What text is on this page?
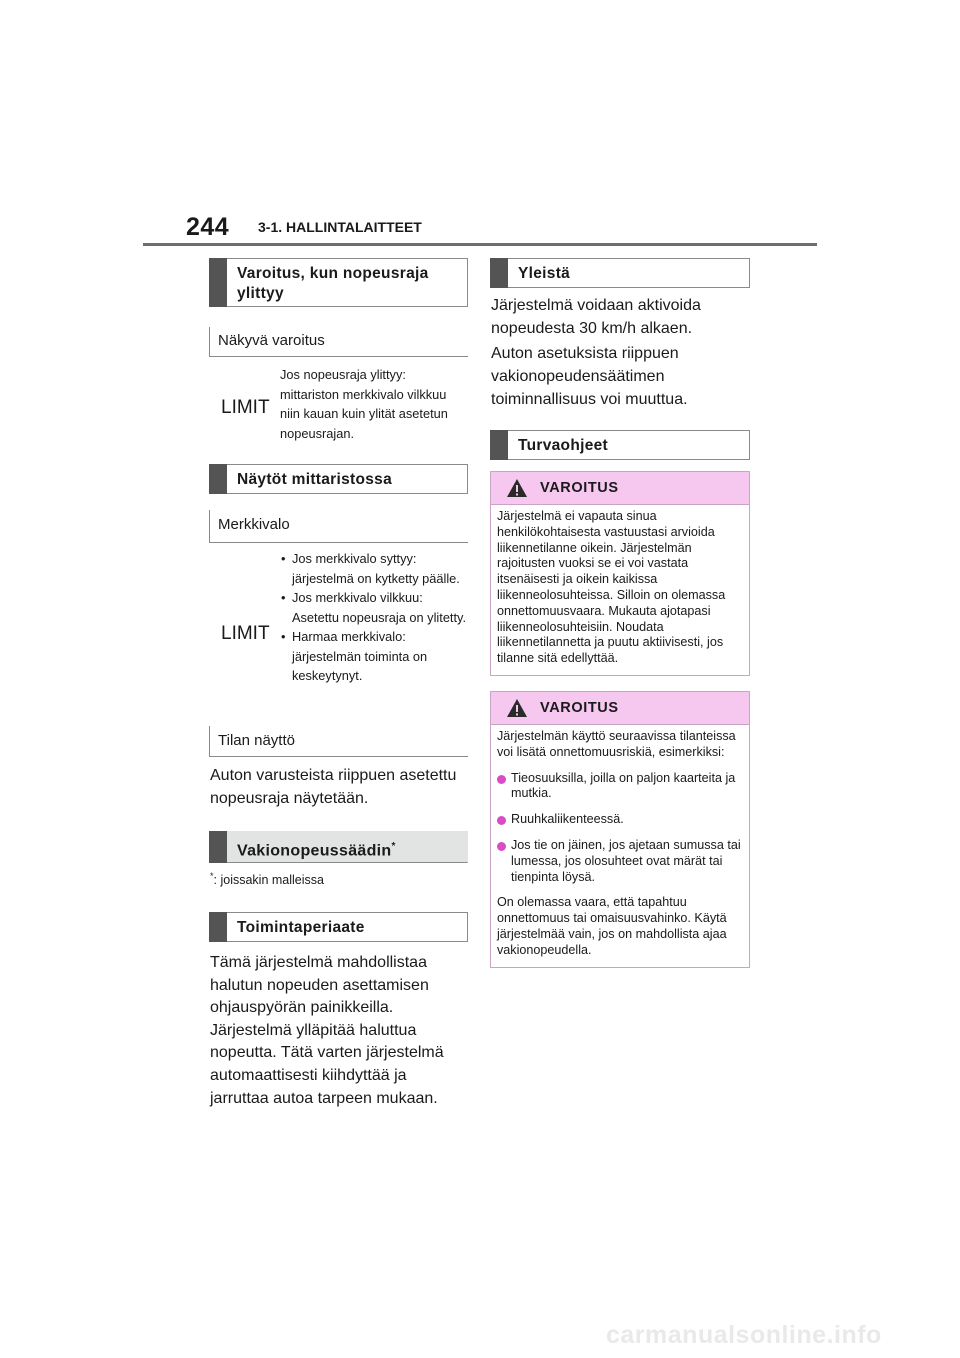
244 3-1. HALLINTALAITTEET
Varoitus, kun nopeusraja ylittyy
Näkyvä varoitus
LIMIT
Jos nopeusraja ylittyy: mittariston merkkivalo vilkkuu niin kauan kuin ylität asetetun nopeusrajan.
Näytöt mittaristossa
Merkkivalo
LIMIT
• Jos merkkivalo syttyy: järjestelmä on kytketty päälle.
• Jos merkkivalo vilkkuu: Asetettu nopeusraja on ylitetty.
• Harmaa merkkivalo: järjestelmän toiminta on keskeytynyt.
Tilan näyttö
Auton varusteista riippuen asetettu nopeusraja näytetään.
Vakionopeussäädin*
*: joissakin malleissa
Toimintaperiaate
Tämä järjestelmä mahdollistaa halutun nopeuden asettamisen ohjauspyörän painikkeilla. Järjestelmä ylläpitää haluttua nopeutta. Tätä varten järjestelmä automaattisesti kiihdyttää ja jarruttaa autoa tarpeen mukaan.
Yleistä
Järjestelmä voidaan aktivoida nopeudesta 30 km/h alkaen.
Auton asetuksista riippuen vakionopeudensäätimen toiminnallisuus voi muuttua.
Turvaohjeet
VAROITUS

Järjestelmä ei vapauta sinua henkilökohtaisesta vastuustasi arvioida liikennetilanne oikein. Järjestelmän rajoitusten vuoksi se ei voi vastata itsenäisesti ja oikein kaikissa liikenneolosuhteissa. Silloin on olemassa onnettomuusvaara. Mukauta ajotapasi liikenneolosuhteisiin. Noudata liikennetilannetta ja puutu aktiivisesti, jos tilanne sitä edellyttää.

VAROITUS

Järjestelmän käyttö seuraavissa tilanteissa voi lisätä onnettomuusriskiä, esimerkiksi:

Tieosuuksilla, joilla on paljon kaarteita ja mutkia.
Ruuhkaliikenteessä.
Jos tie on jäinen, jos ajetaan sumussa tai lumessa, jos olosuhteet ovat märät tai tienpinta löysä.

On olemassa vaara, että tapahtuu onnettomuus tai omaisuusvahinko. Käytä järjestelmää vain, jos on mahdollista ajaa vakionopeudella.

carmanualsonline.info
